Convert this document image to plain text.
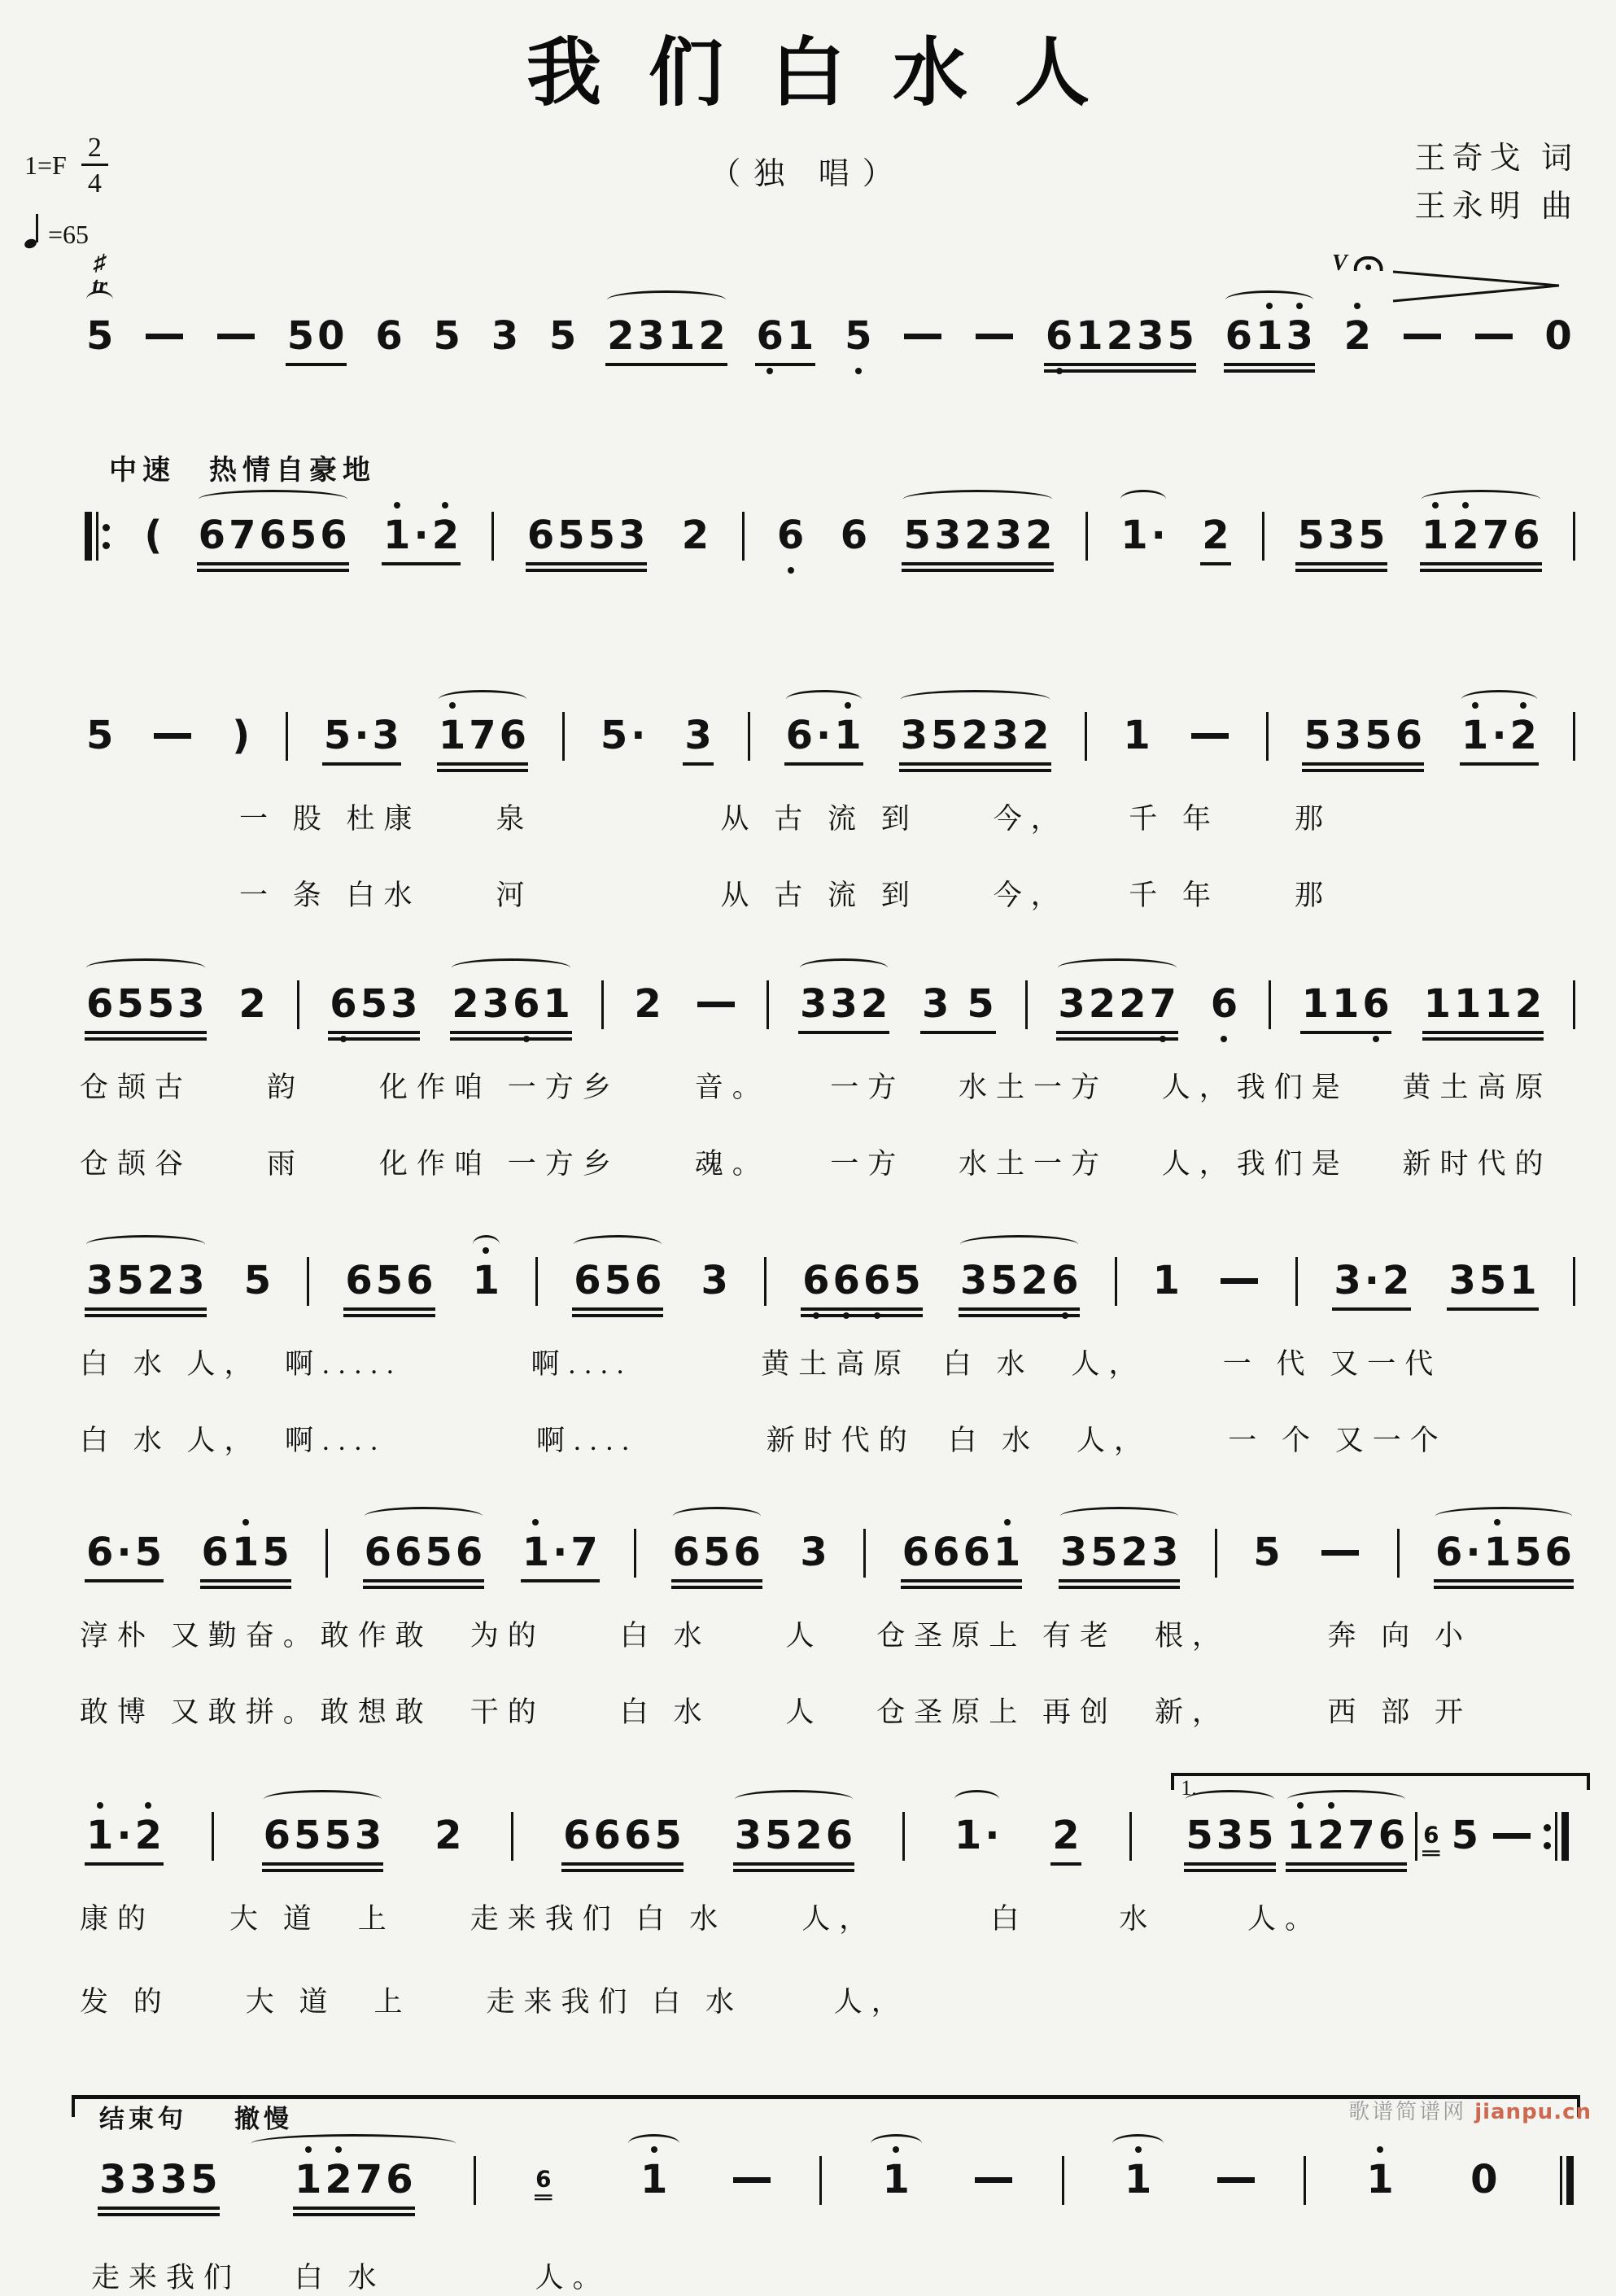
我们白水人
（独 唱）
$1=F \frac{2}{4}$
=65
王奇戈 词
王永明 曲
♯
tr
5	5 0 6 5 3 5 2 3 1 2 6 1 5	6 1 2 3 5 6 1 3
V
2	0
中速　热情自豪地
( 6 7 6 5 6 1 · 2 6 5 5 3 2 6 6 5 3 2 3 2 1 · 2 5 3 5 1 2 7 6
5	) 5 · 3 1 7 6 5 · 3 6 · 1 3 5 2 3 2 1	5 3 5 6 1 · 2
一 股 杜康　　泉　　　　　从 古 流 到　　今，　　千 年　　那
一 条 白水　　河　　　　　从 古 流 到　　今，　　千 年　　那
6 5 5 3 2 6 5 3 2 3 6 1 2	3 3 2 3 5 3 2 2 7 6 1 1 6 1 1 1 2
仓颉古　　韵　　化作咱 一方乡　　音。　　一方　 水土一方　 人，我们是　 黄土高原
仓颉谷　　雨　　化作咱 一方乡　　魂。　　一方　 水土一方　 人，我们是　 新时代的
3 5 2 3 5 6 5 6 1 6 5 6 3 6 6 6 5 3 5 2 6 1	3 · 2 3 5 1
白 水 人，　啊.....　　　 啊....　　　 黄土高原  白 水　人，　　 一 代 又一代
白 水 人，　啊....　　　　啊....　　　 新时代的  白 水　人，　　 一 个 又一个
6 · 5 6 1 5 6 6 5 6 1 · 7 6 5 6 3 6 6 6 1 3 5 2 3 5	6 · 1 5 6
淳朴 又勤奋。敢作敢　为的　　白 水　　人　 仓圣原上 有老　根，　　　奔 向 小
敢博 又敢拼。敢想敢　干的　　白 水　　人　 仓圣原上 再创　新，　　　西 部 开
1 · 2	6 5 5 3 2	6 6 6 5 3 5 2 6	1 · 2
1.
5 3 5 1 2 7 6 6 5
康的　　大 道　上　　走来我们 白 水　　人，　　　 白　　 水　　 人。
发 的　　大 道　上　　走来我们 白 水　　 人，
结束句 撤慢
3 3 3 5 1 2 7 6	6 1	1	1	1 0
走来我们　 白 水　　　　人。
歌谱简谱网 jianpu.cn
